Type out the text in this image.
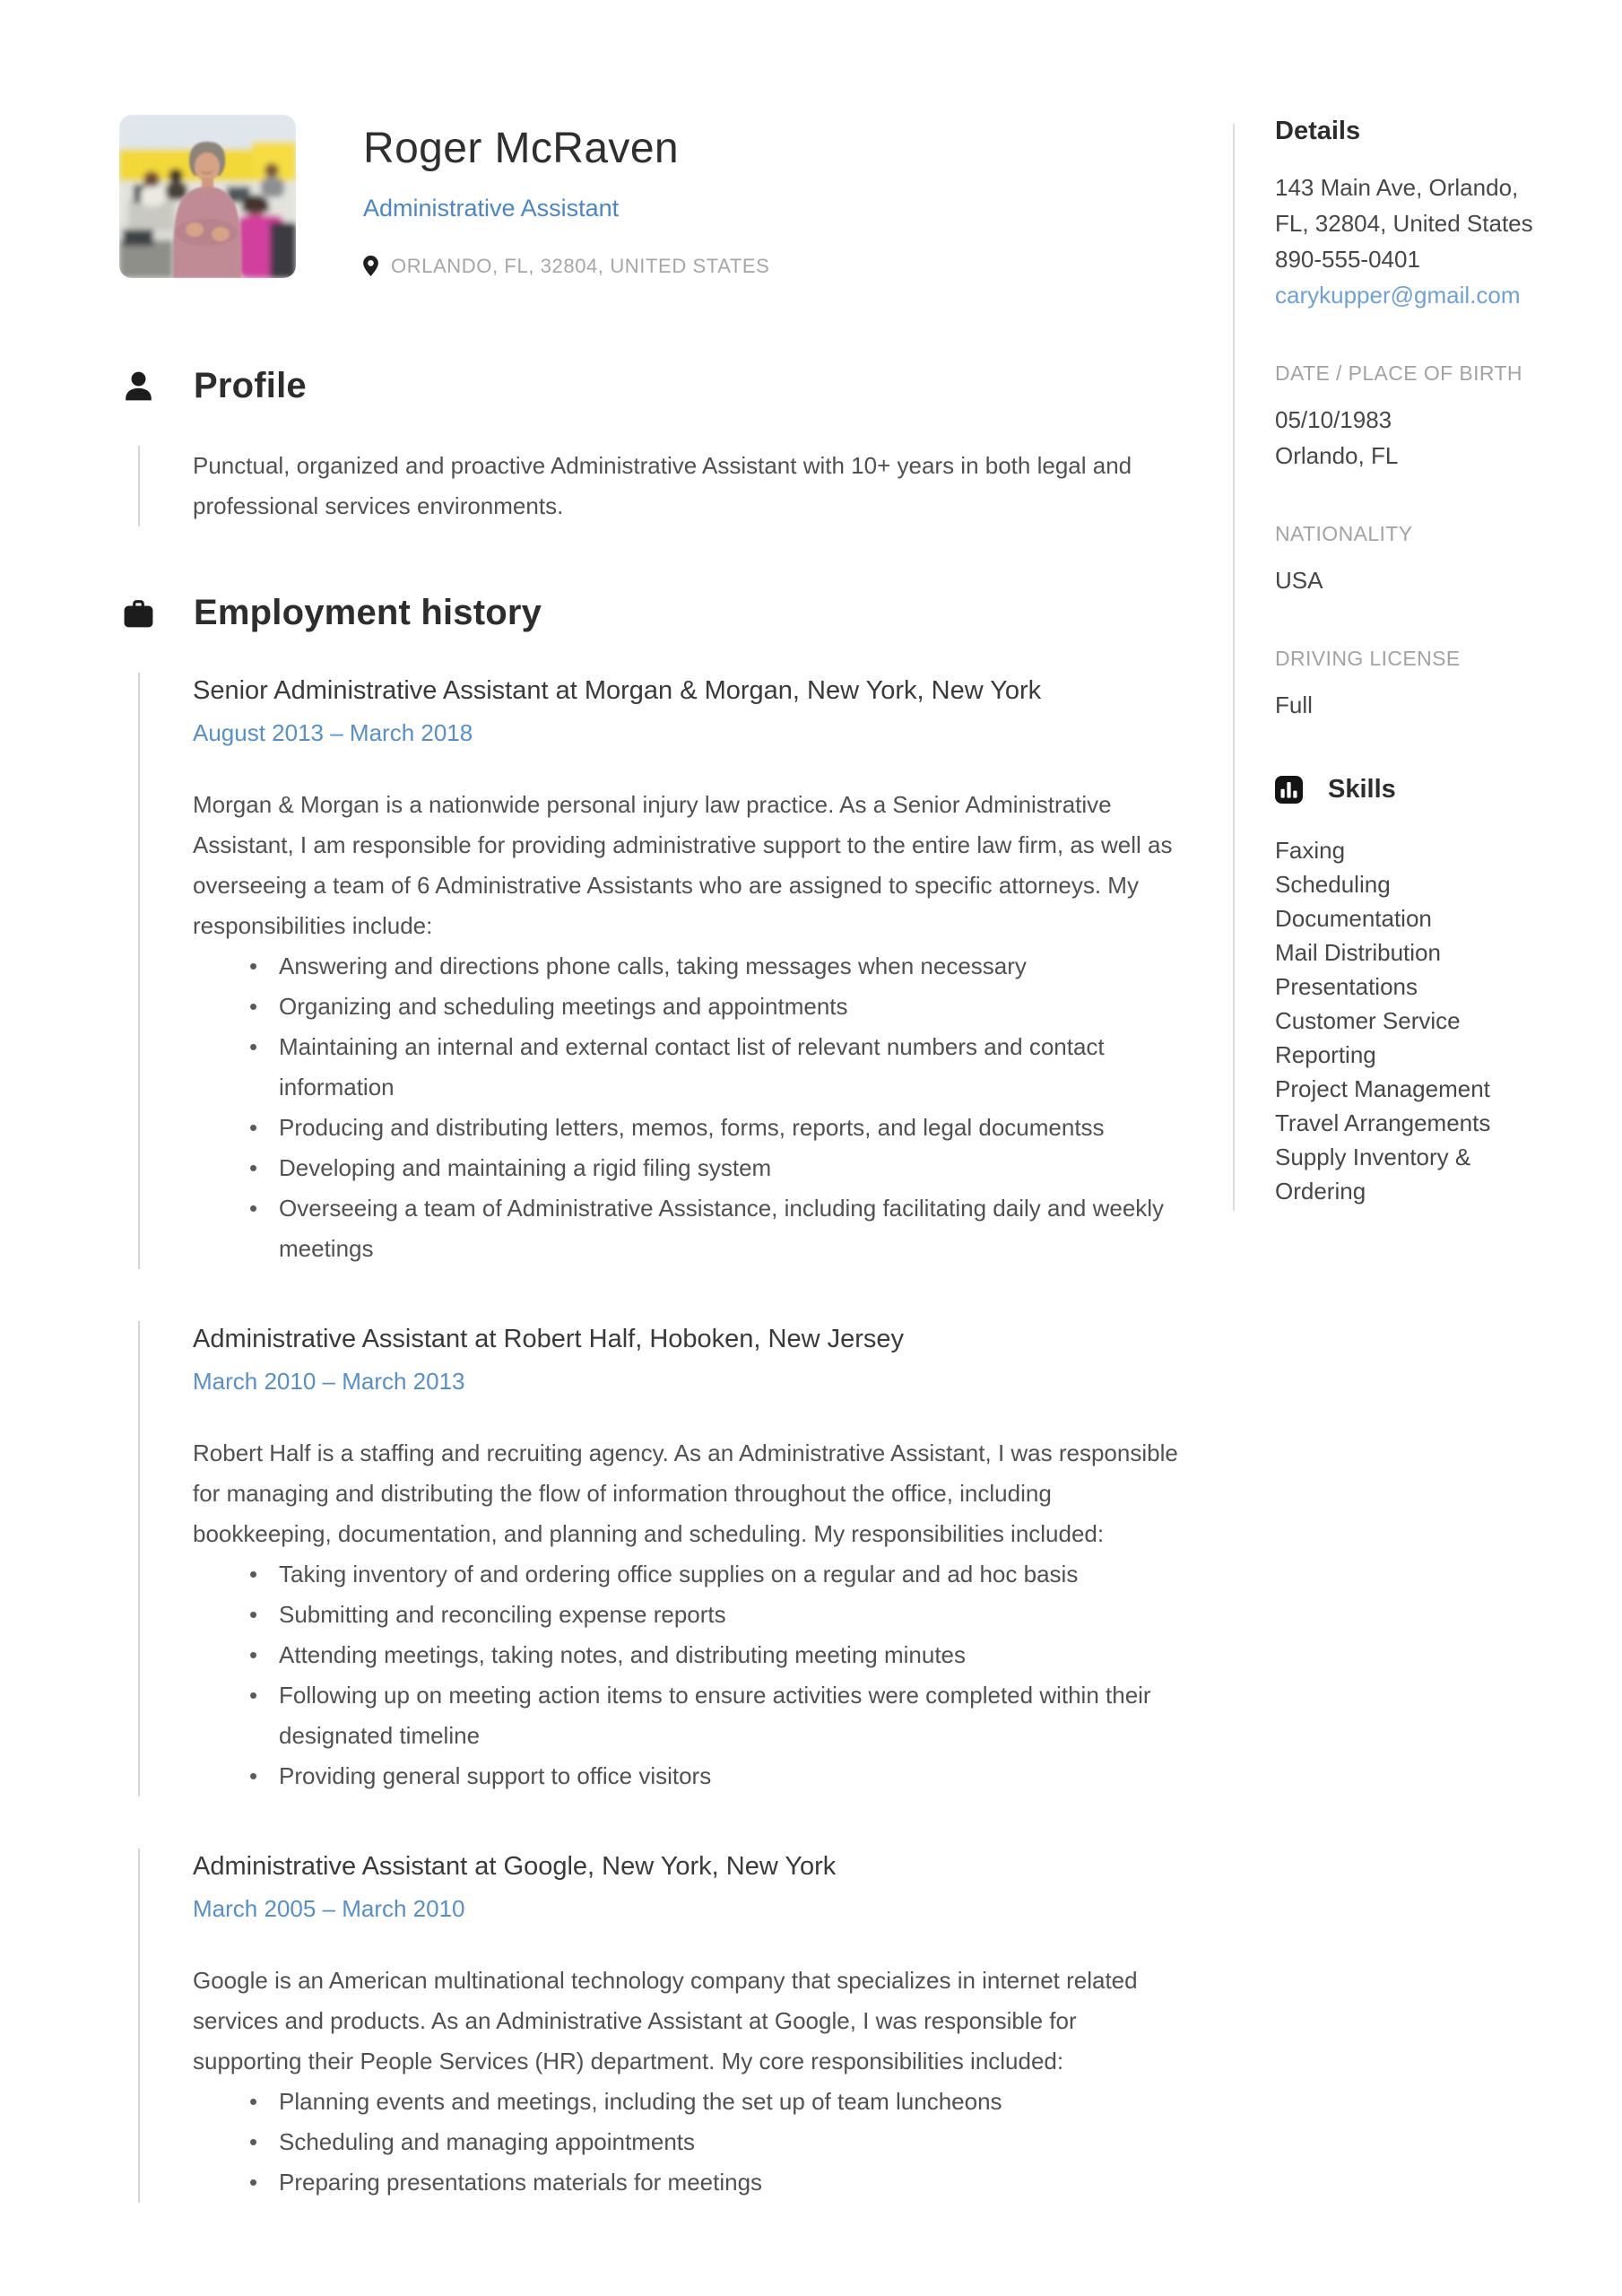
Roger McRaven
Administrative Assistant
ORLANDO, FL, 32804, UNITED STATES
Profile

Punctual, organized and proactive Administrative Assistant with 10+ years in both legal and professional services environments.

Employment history
Senior Administrative Assistant at Morgan & Morgan, New York, New York
August 2013 – March 2018

Morgan & Morgan is a nationwide personal injury law practice. As a Senior Administrative Assistant, I am responsible for providing administrative support to the entire law firm, as well as overseeing a team of 6 Administrative Assistants who are assigned to specific attorneys. My responsibilities include:

• Answering and directions phone calls, taking messages when necessary
• Organizing and scheduling meetings and appointments
• Maintaining an internal and external contact list of relevant numbers and contact information
• Producing and distributing letters, memos, forms, reports, and legal documentss
• Developing and maintaining a rigid filing system
• Overseeing a team of Administrative Assistance, including facilitating daily and weekly meetings
Administrative Assistant at Robert Half, Hoboken, New Jersey
March 2010 – March 2013

Robert Half is a staffing and recruiting agency. As an Administrative Assistant, I was responsible for managing and distributing the flow of information throughout the office, including bookkeeping, documentation, and planning and scheduling. My responsibilities included:

• Taking inventory of and ordering office supplies on a regular and ad hoc basis
• Submitting and reconciling expense reports
• Attending meetings, taking notes, and distributing meeting minutes
• Following up on meeting action items to ensure activities were completed within their designated timeline
• Providing general support to office visitors
Administrative Assistant at Google, New York, New York
March 2005 – March 2010

Google is an American multinational technology company that specializes in internet related services and products. As an Administrative Assistant at Google, I was responsible for supporting their People Services (HR) department. My core responsibilities included:

• Planning events and meetings, including the set up of team luncheons
• Scheduling and managing appointments
• Preparing presentations materials for meetings
Details
143 Main Ave, Orlando, FL, 32804, United States
890-555-0401
carykupper@gmail.com
DATE / PLACE OF BIRTH
05/10/1983
Orlando, FL
NATIONALITY
USA
DRIVING LICENSE
Full
Skills
Faxing
Scheduling
Documentation
Mail Distribution
Presentations
Customer Service
Reporting
Project Management
Travel Arrangements
Supply Inventory & Ordering
